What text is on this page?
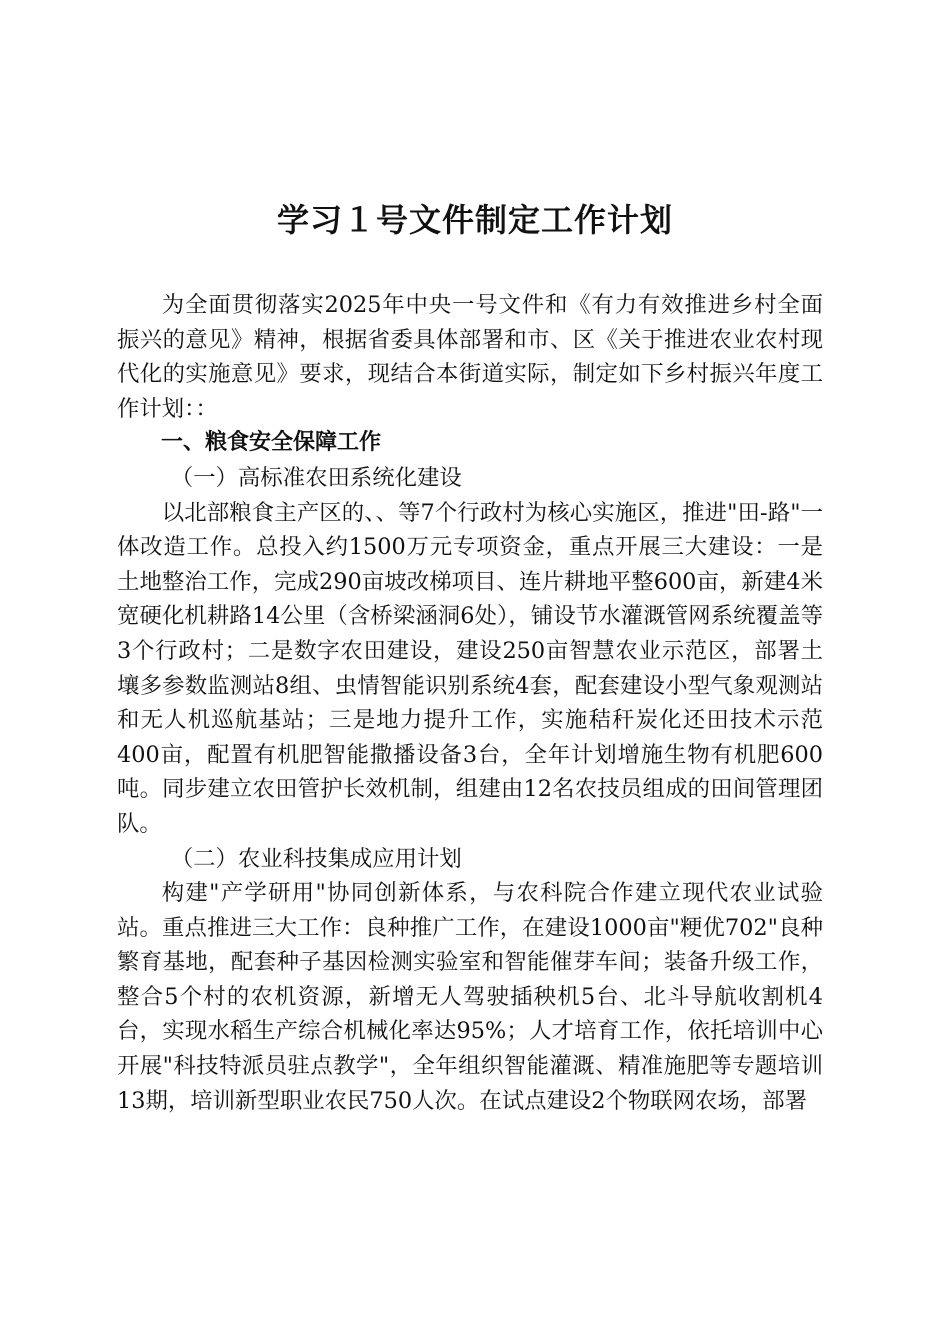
学习１号文件制定工作计划

为全面贯彻落实2025年中央一号文件和《有力有效推进乡村全面振兴的意见》精神，根据省委具体部署和市、区《关于推进农业农村现代化的实施意见》要求，现结合本街道实际，制定如下乡村振兴年度工作计划：：

一、粮食安全保障工作

（一）高标准农田系统化建设

以北部粮食主产区的、、等7个行政村为核心实施区，推进"田-路"一体改造工作。总投入约1500万元专项资金，重点开展三大建设：一是土地整治工作，完成290亩坡改梯项目、连片耕地平整600亩，新建4米宽硬化机耕路14公里（含桥梁涵洞6处），铺设节水灌溉管网系统覆盖等3个行政村；二是数字农田建设，建设250亩智慧农业示范区，部署土壤多参数监测站8组、虫情智能识别系统4套，配套建设小型气象观测站和无人机巡航基站；三是地力提升工作，实施秸秆炭化还田技术示范400亩，配置有机肥智能撒播设备3台，全年计划增施生物有机肥600吨。同步建立农田管护长效机制，组建由12名农技员组成的田间管理团队。

（二）农业科技集成应用计划

构建"产学研用"协同创新体系，与农科院合作建立现代农业试验站。重点推进三大工作：良种推广工作，在建设1000亩"粳优702"良种繁育基地，配套种子基因检测实验室和智能催芽车间；装备升级工作，整合5个村的农机资源，新增无人驾驶插秧机5台、北斗导航收割机4台，实现水稻生产综合机械化率达95%；人才培育工作，依托培训中心开展"科技特派员驻点教学"，全年组织智能灌溉、精准施肥等专题培训13期，培训新型职业农民750人次。在试点建设2个物联网农场，部署
